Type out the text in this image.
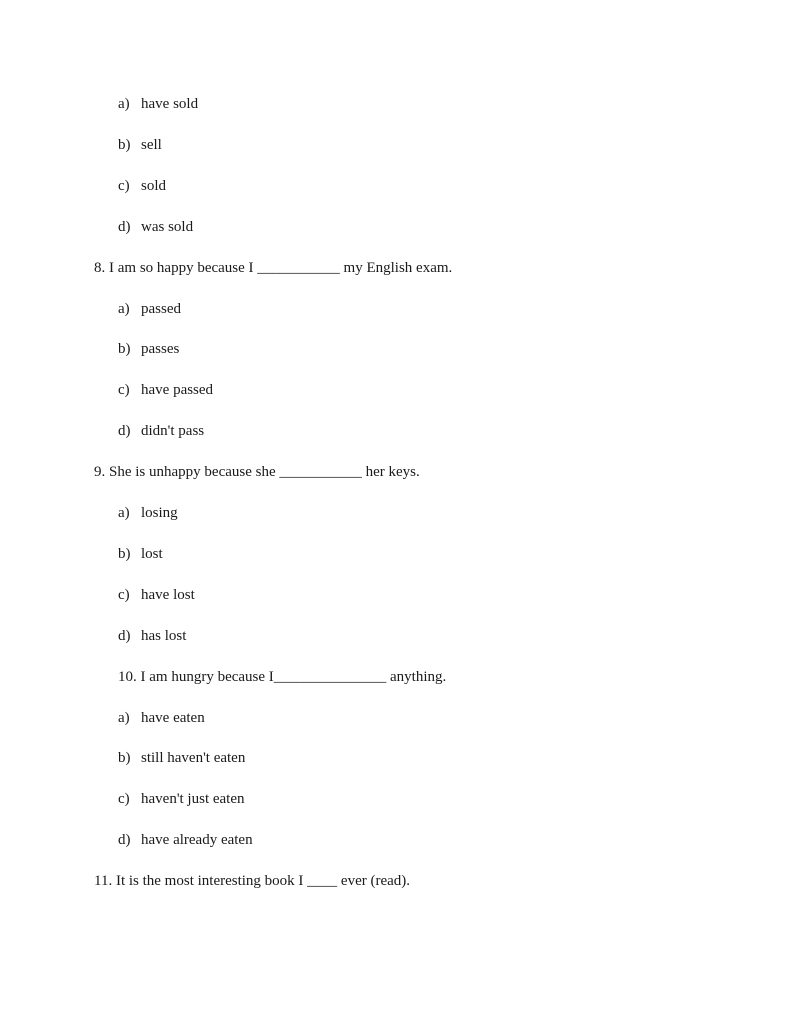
a) have sold
b) sell
c) sold
d) was sold
8. I am so happy because I ___________ my English exam.
a) passed
b) passes
c) have passed
d) didn't pass
9. She is unhappy because she ___________ her keys.
a) losing
b) lost
c) have lost
d) has lost
10. I am hungry because I_______________ anything.
a) have eaten
b) still haven't eaten
c) haven't just eaten
d) have already eaten
11. It is the most interesting book I ____ ever (read).
